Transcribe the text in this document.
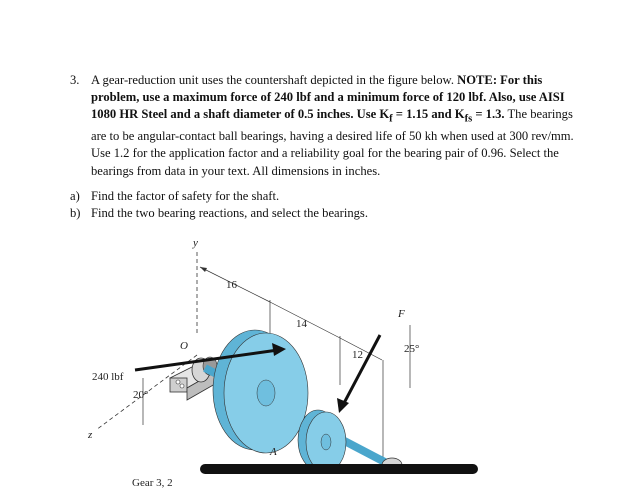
3. A gear-reduction unit uses the countershaft depicted in the figure below. NOTE: For this problem, use a maximum force of 240 lbf and a minimum force of 120 lbf. Also, use AISI 1080 HR Steel and a shaft diameter of 0.5 inches. Use $K_f = 1.15$ and $K_{fs} = 1.3$. The bearings are to be angular-contact ball bearings, having a desired life of 50 kh when used at 300 rev/mm. Use 1.2 for the application factor and a reliability goal for the bearing pair of 0.96. Select the bearings from data in your text. All dimensions in inches.
a) Find the factor of safety for the shaft.
b) Find the two bearing reactions, and select the bearings.
y
z
O
16
14
12
A
240 lbf
20°
F
25°
Gear 3, 2
